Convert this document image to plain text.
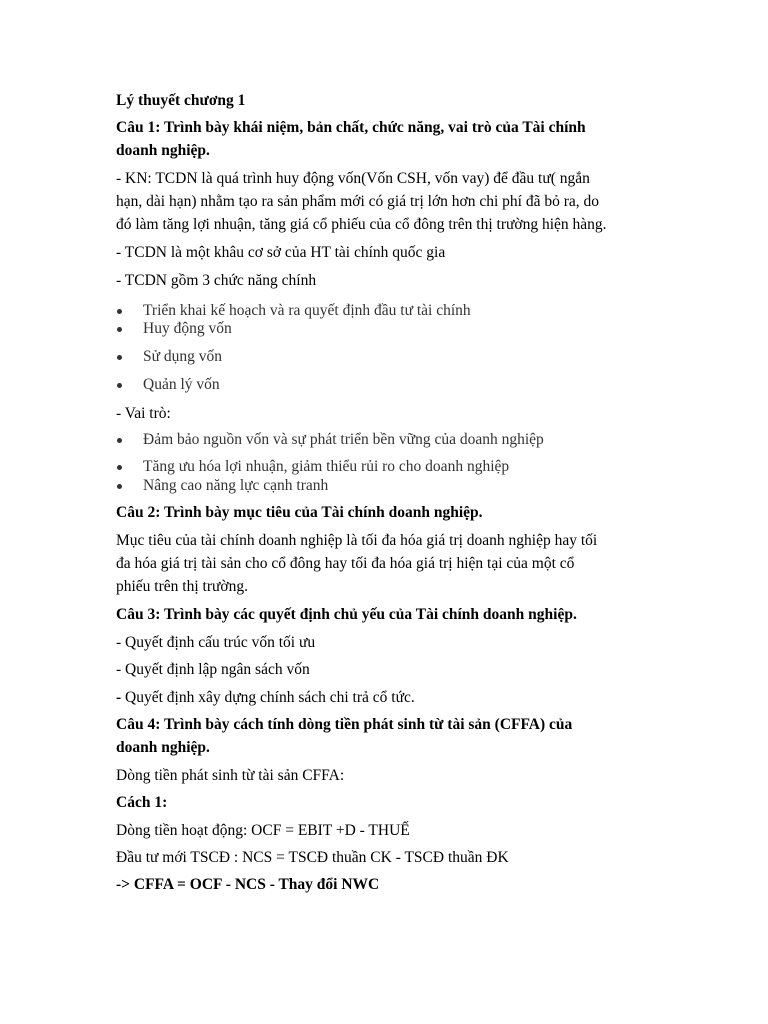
Lý thuyết chương 1
Câu 1: Trình bày khái niệm, bản chất, chức năng, vai trò của Tài chính
doanh nghiệp.
- KN: TCDN là quá trình huy động vốn(Vốn CSH, vốn vay) để đầu tư( ngắn
hạn, dài hạn) nhằm tạo ra sản phẩm mới có giá trị lớn hơn chi phí đã bỏ ra, do
đó làm tăng lợi nhuận, tăng giá cổ phiếu của cổ đông trên thị trường hiện hàng.
- TCDN là một khâu cơ sở của HT tài chính quốc gia
- TCDN gồm 3 chức năng chính
Triển khai kế hoạch và ra quyết định đầu tư tài chính
Huy động vốn
Sử dụng vốn
Quản lý vốn
- Vai trò:
Đảm bảo nguồn vốn và sự phát triển bền vững của doanh nghiệp
Tăng ưu hóa lợi nhuận, giảm thiểu rủi ro cho doanh nghiệp
Nâng cao năng lực cạnh tranh
Câu 2: Trình bày mục tiêu của Tài chính doanh nghiệp.
Mục tiêu của tài chính doanh nghiệp là tối đa hóa giá trị doanh nghiệp hay tối
đa hóa giá trị tài sản cho cổ đông hay tối đa hóa giá trị hiện tại của một cổ
phiếu trên thị trường.
Câu 3: Trình bày các quyết định chủ yếu của Tài chính doanh nghiệp.
- Quyết định cấu trúc vốn tối ưu
- Quyết định lập ngân sách vốn
- Quyết định xây dựng chính sách chi trả cổ tức.
Câu 4: Trình bày cách tính dòng tiền phát sinh từ tài sản (CFFA) của
doanh nghiệp.
Dòng tiền phát sinh từ tài sản CFFA:
Cách 1:
Dòng tiền hoạt động: OCF = EBIT +D - THUẾ
Đầu tư mới TSCĐ : NCS = TSCĐ thuần CK - TSCĐ thuần ĐK
-> CFFA = OCF - NCS - Thay đổi NWC
